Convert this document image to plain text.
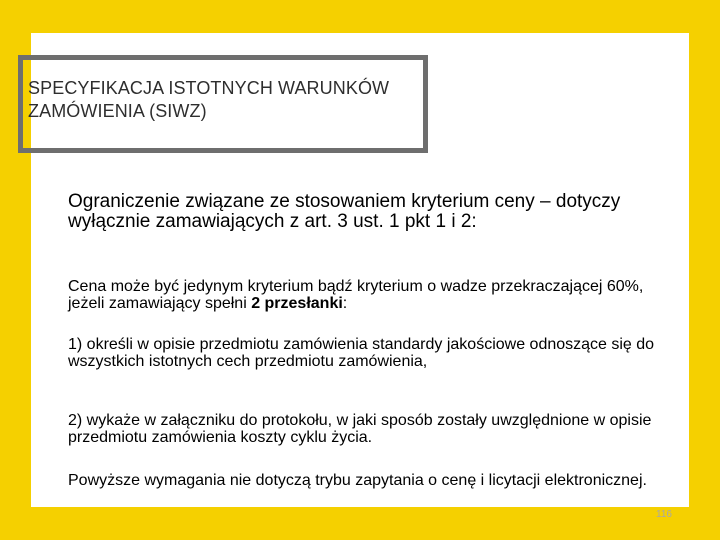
SPECYFIKACJA ISTOTNYCH WARUNKÓW ZAMÓWIENIA (SIWZ)
Ograniczenie związane ze stosowaniem kryterium ceny – dotyczy wyłącznie zamawiających z art. 3 ust. 1 pkt 1 i 2:
Cena może być jedynym kryterium bądź kryterium o wadze przekraczającej 60%, jeżeli zamawiający spełni 2 przesłanki:
1) określi w opisie przedmiotu zamówienia standardy jakościowe odnoszące się do wszystkich istotnych cech przedmiotu zamówienia,
2) wykaże w załączniku do protokołu, w jaki sposób zostały uwzględnione w opisie przedmiotu zamówienia koszty cyklu życia.
Powyższe wymagania nie dotyczą trybu zapytania o cenę i licytacji elektronicznej.
116
